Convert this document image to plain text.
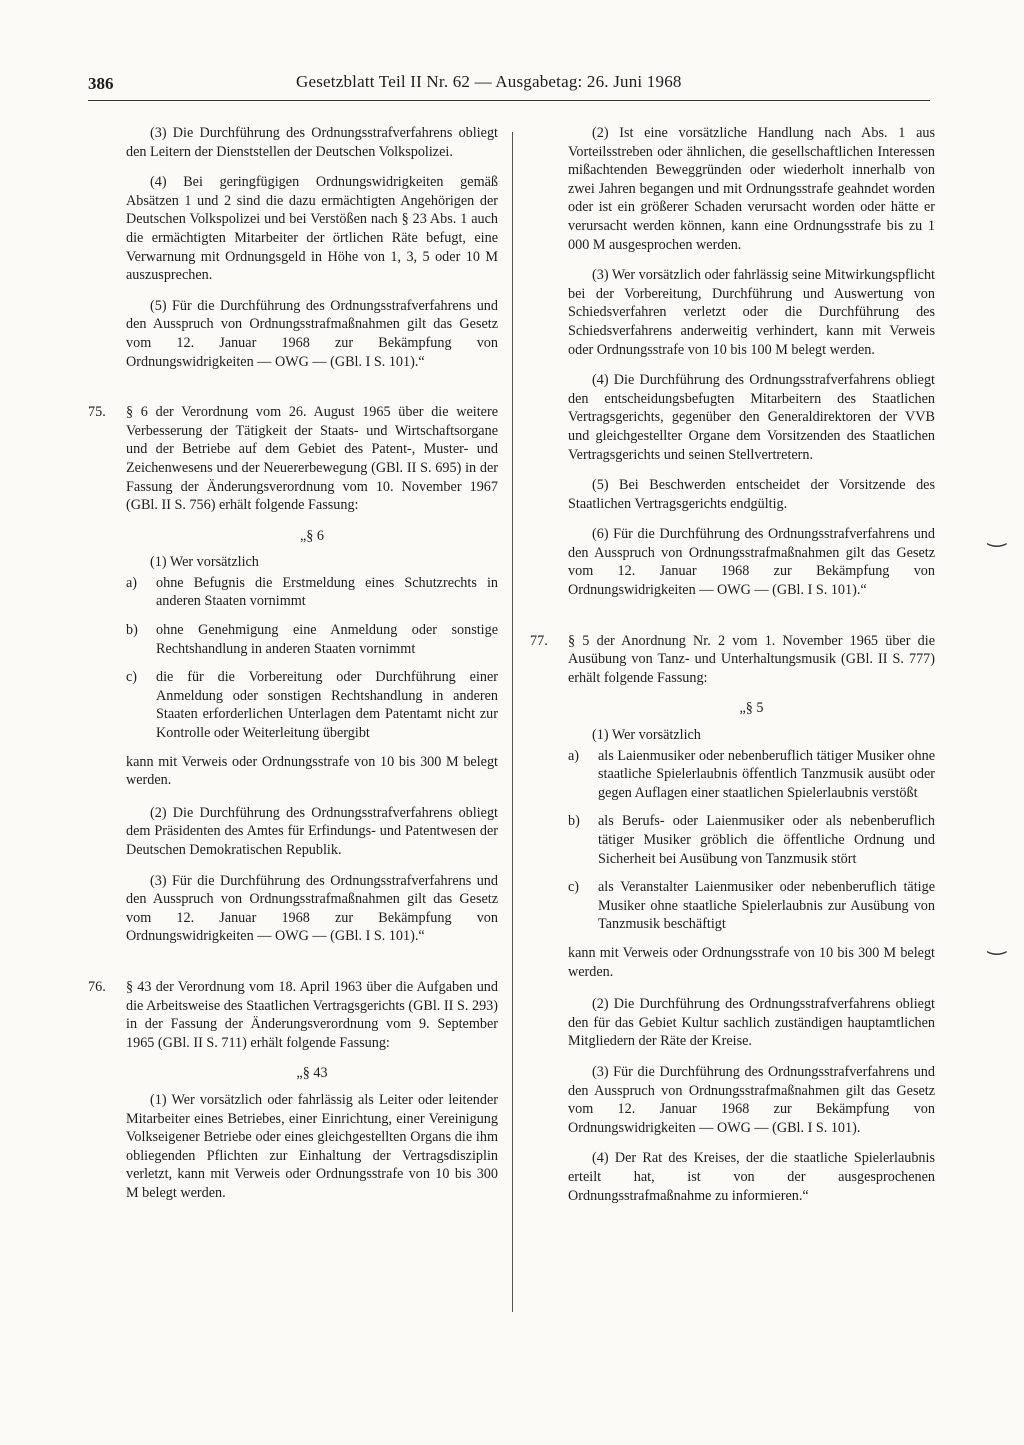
386	Gesetzblatt Teil II Nr. 62 — Ausgabetag: 26. Juni 1968

(3) Die Durchführung des Ordnungsstrafverfahrens obliegt den Leitern der Dienststellen der Deutschen Volkspolizei.

(4) Bei geringfügigen Ordnungswidrigkeiten gemäß Absätzen 1 und 2 sind die dazu ermächtigten Angehörigen der Deutschen Volkspolizei und bei Verstößen nach § 23 Abs. 1 auch die ermächtigten Mitarbeiter der örtlichen Räte befugt, eine Verwarnung mit Ordnungsgeld in Höhe von 1, 3, 5 oder 10 M auszusprechen.

(5) Für die Durchführung des Ordnungsstrafverfahrens und den Ausspruch von Ordnungsstrafmaßnahmen gilt das Gesetz vom 12. Januar 1968 zur Bekämpfung von Ordnungswidrigkeiten — OWG — (GBl. I S. 101).“

75.	§ 6 der Verordnung vom 26. August 1965 über die weitere Verbesserung der Tätigkeit der Staats- und Wirtschaftsorgane und der Betriebe auf dem Gebiet des Patent-, Muster- und Zeichenwesens und der Neuererbewegung (GBl. II S. 695) in der Fassung der Änderungsverordnung vom 10. November 1967 (GBl. II S. 756) erhält folgende Fassung:
„§ 6
(1) Wer vorsätzlich
a) ohne Befugnis die Erstmeldung eines Schutzrechts in anderen Staaten vornimmt
b) ohne Genehmigung eine Anmeldung oder sonstige Rechtshandlung in anderen Staaten vornimmt
c) die für die Vorbereitung oder Durchführung einer Anmeldung oder sonstigen Rechtshandlung in anderen Staaten erforderlichen Unterlagen dem Patentamt nicht zur Kontrolle oder Weiterleitung übergibt
kann mit Verweis oder Ordnungsstrafe von 10 bis 300 M belegt werden.

(2) Die Durchführung des Ordnungsstrafverfahrens obliegt dem Präsidenten des Amtes für Erfindungs- und Patentwesen der Deutschen Demokratischen Republik.

(3) Für die Durchführung des Ordnungsstrafverfahrens und den Ausspruch von Ordnungsstrafmaßnahmen gilt das Gesetz vom 12. Januar 1968 zur Bekämpfung von Ordnungswidrigkeiten — OWG — (GBl. I S. 101).“

76.	§ 43 der Verordnung vom 18. April 1963 über die Aufgaben und die Arbeitsweise des Staatlichen Vertragsgerichts (GBl. II S. 293) in der Fassung der Änderungsverordnung vom 9. September 1965 (GBl. II S. 711) erhält folgende Fassung:
„§ 43

(1) Wer vorsätzlich oder fahrlässig als Leiter oder leitender Mitarbeiter eines Betriebes, einer Einrichtung, einer Vereinigung Volkseigener Betriebe oder eines gleichgestellten Organs die ihm obliegenden Pflichten zur Einhaltung der Vertragsdisziplin verletzt, kann mit Verweis oder Ordnungsstrafe von 10 bis 300 M belegt werden.

(2) Ist eine vorsätzliche Handlung nach Abs. 1 aus Vorteilsstreben oder ähnlichen, die gesellschaftlichen Interessen mißachtenden Beweggründen oder wiederholt innerhalb von zwei Jahren begangen und mit Ordnungsstrafe geahndet worden oder ist ein größerer Schaden verursacht worden oder hätte er verursacht werden können, kann eine Ordnungsstrafe bis zu 1 000 M ausgesprochen werden.

(3) Wer vorsätzlich oder fahrlässig seine Mitwirkungspflicht bei der Vorbereitung, Durchführung und Auswertung von Schiedsverfahren verletzt oder die Durchführung des Schiedsverfahrens anderweitig verhindert, kann mit Verweis oder Ordnungsstrafe von 10 bis 100 M belegt werden.

(4) Die Durchführung des Ordnungsstrafverfahrens obliegt den entscheidungsbefugten Mitarbeitern des Staatlichen Vertragsgerichts, gegenüber den Generaldirektoren der VVB und gleichgestellter Organe dem Vorsitzenden des Staatlichen Vertragsgerichts und seinen Stellvertretern.

(5) Bei Beschwerden entscheidet der Vorsitzende des Staatlichen Vertragsgerichts endgültig.

(6) Für die Durchführung des Ordnungsstrafverfahrens und den Ausspruch von Ordnungsstrafmaßnahmen gilt das Gesetz vom 12. Januar 1968 zur Bekämpfung von Ordnungswidrigkeiten — OWG — (GBl. I S. 101).“

77.	§ 5 der Anordnung Nr. 2 vom 1. November 1965 über die Ausübung von Tanz- und Unterhaltungsmusik (GBl. II S. 777) erhält folgende Fassung:
„§ 5
(1) Wer vorsätzlich
a) als Laienmusiker oder nebenberuflich tätiger Musiker ohne staatliche Spielerlaubnis öffentlich Tanzmusik ausübt oder gegen Auflagen einer staatlichen Spielerlaubnis verstößt
b) als Berufs- oder Laienmusiker oder als nebenberuflich tätiger Musiker gröblich die öffentliche Ordnung und Sicherheit bei Ausübung von Tanzmusik stört
c) als Veranstalter Laienmusiker oder nebenberuflich tätige Musiker ohne staatliche Spielerlaubnis zur Ausübung von Tanzmusik beschäftigt
kann mit Verweis oder Ordnungsstrafe von 10 bis 300 M belegt werden.

(2) Die Durchführung des Ordnungsstrafverfahrens obliegt den für das Gebiet Kultur sachlich zuständigen hauptamtlichen Mitgliedern der Räte der Kreise.

(3) Für die Durchführung des Ordnungsstrafverfahrens und den Ausspruch von Ordnungsstrafmaßnahmen gilt das Gesetz vom 12. Januar 1968 zur Bekämpfung von Ordnungswidrigkeiten — OWG — (GBl. I S. 101).

(4) Der Rat des Kreises, der die staatliche Spielerlaubnis erteilt hat, ist von der ausgesprochenen Ordnungsstrafmaßnahme zu informieren.“

‿
‿
